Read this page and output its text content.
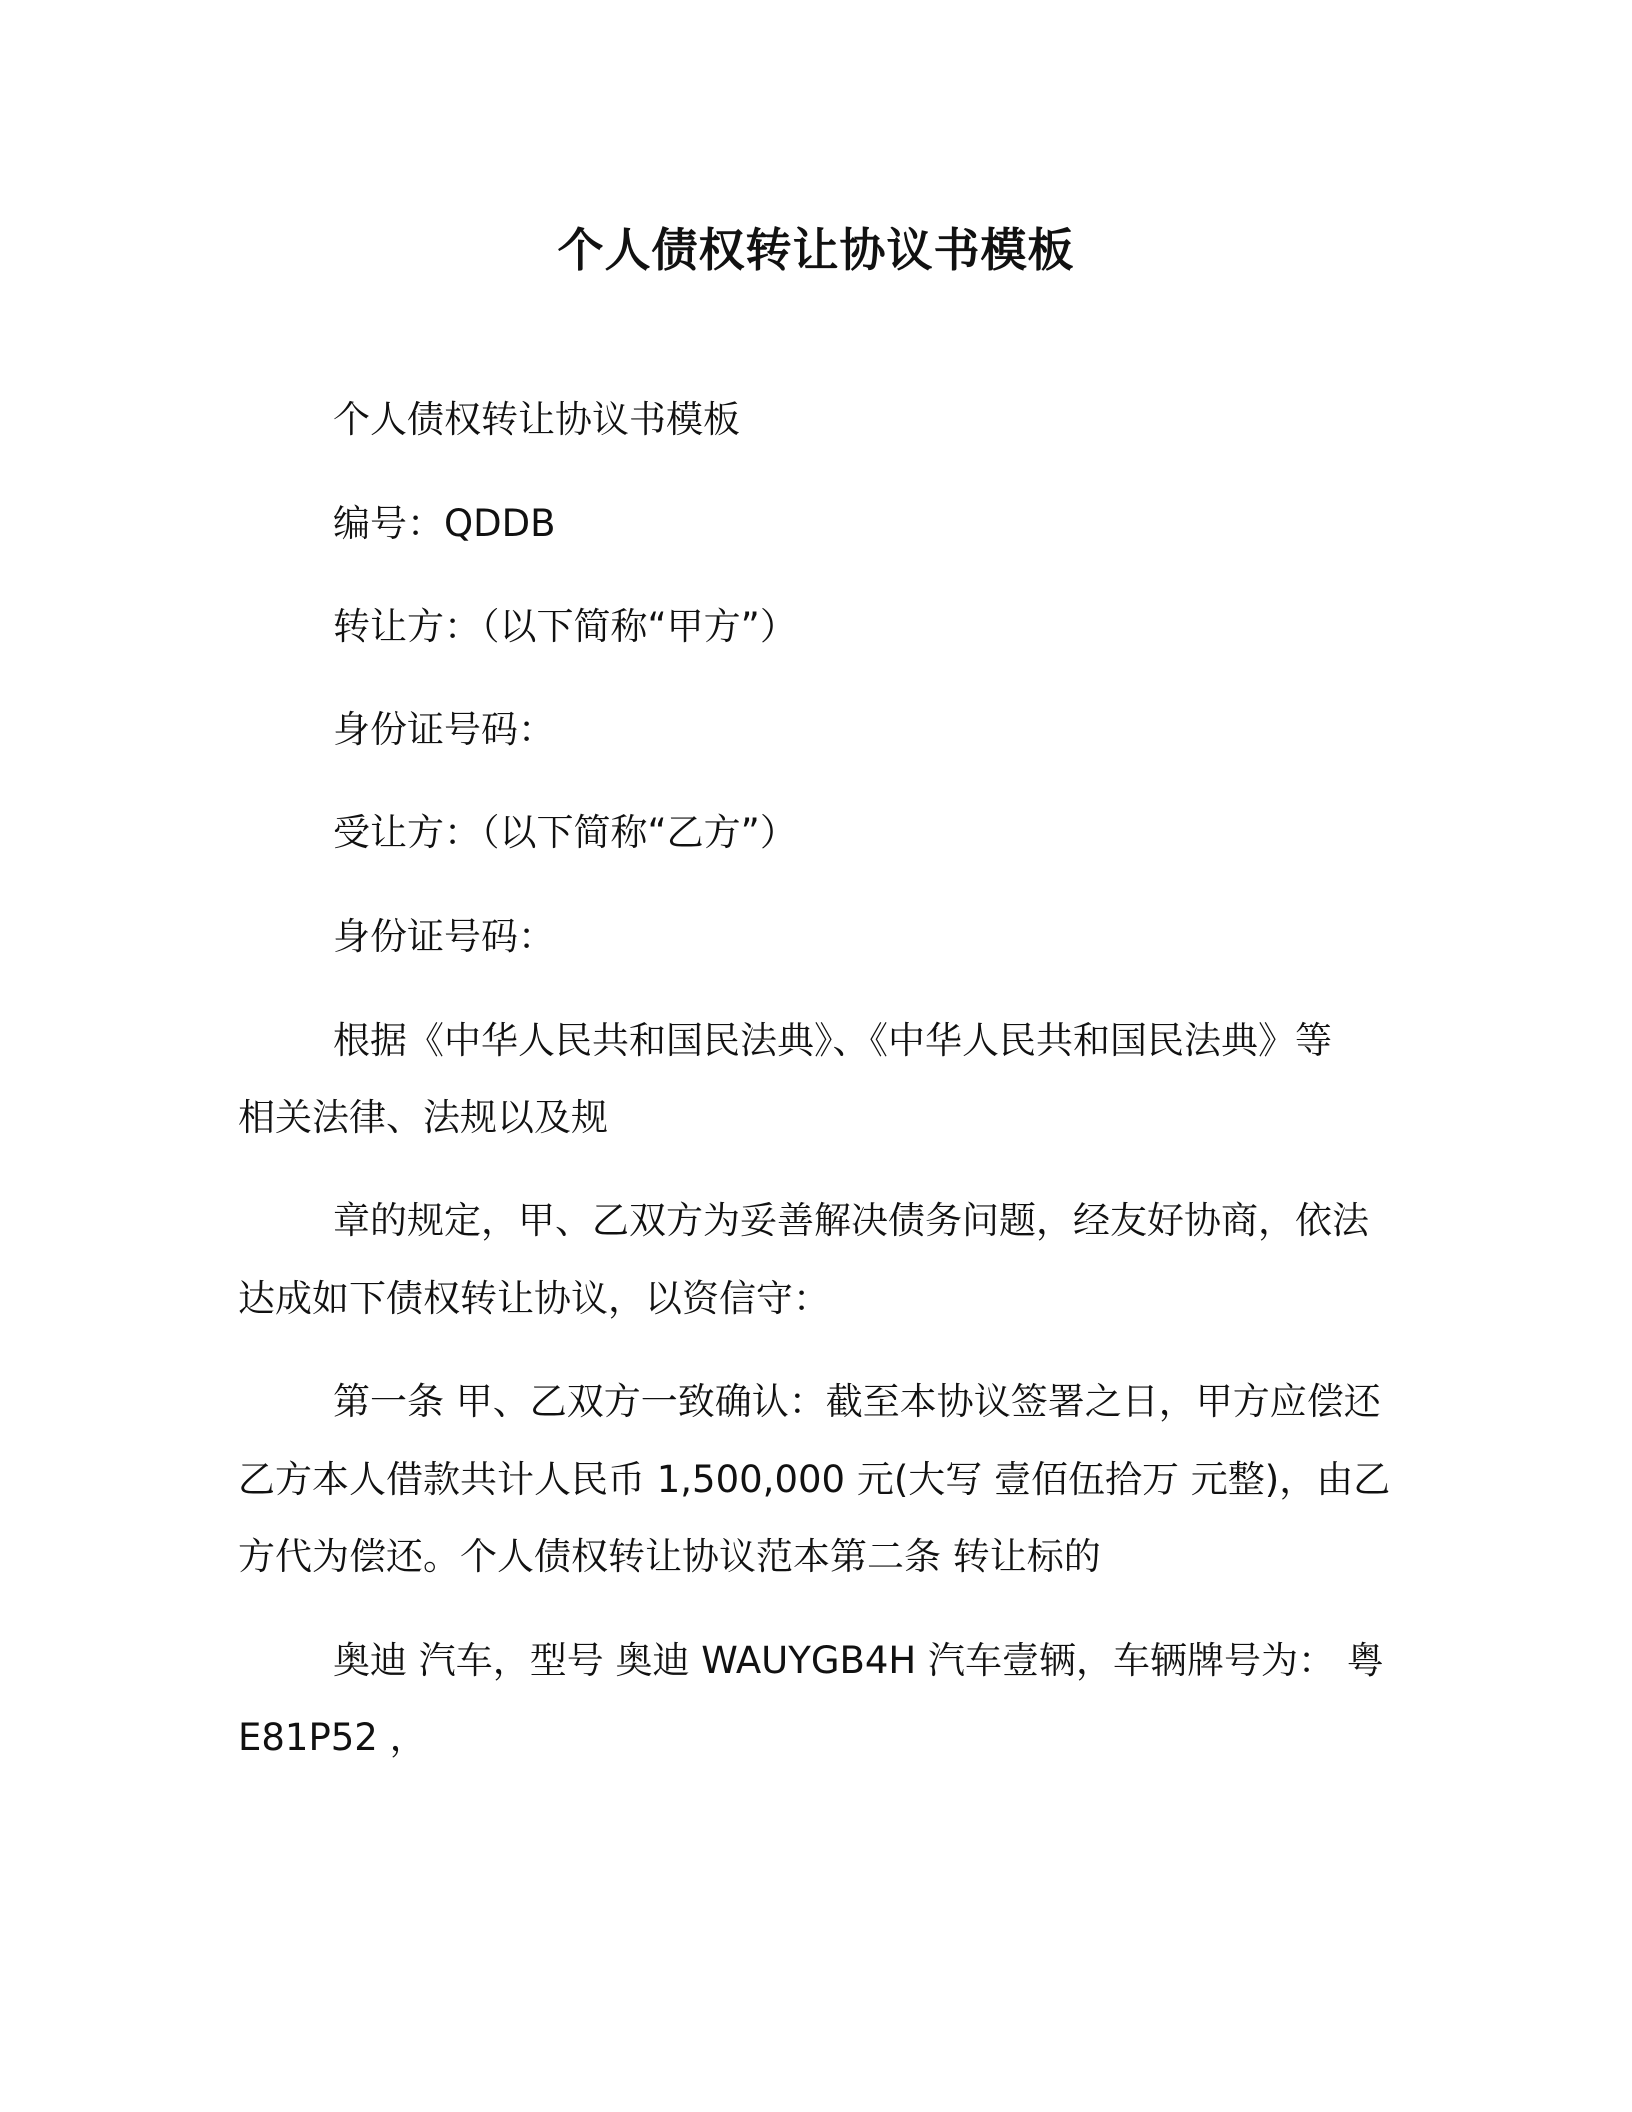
个人债权转让协议书模板

个人债权转让协议书模板

编号：QDDB

转让方：（以下简称“甲方”）

身份证号码：

受让方：（以下简称“乙方”）

身份证号码：

根据《中华人民共和国民法典》、《中华人民共和国民法典》等

相关法律、法规以及规

章的规定，甲、乙双方为妥善解决债务问题，经友好协商，依法

达成如下债权转让协议，以资信守：

第一条 甲、乙双方一致确认：截至本协议签署之日，甲方应偿还

乙方本人借款共计人民币 1,500,000 元(大写 壹佰伍拾万 元整)，由乙

方代为偿还。个人债权转让协议范本第二条 转让标的

奥迪 汽车，型号 奥迪 WAUYGB4H 汽车壹辆，车辆牌号为： 粤

E81P52 ，
